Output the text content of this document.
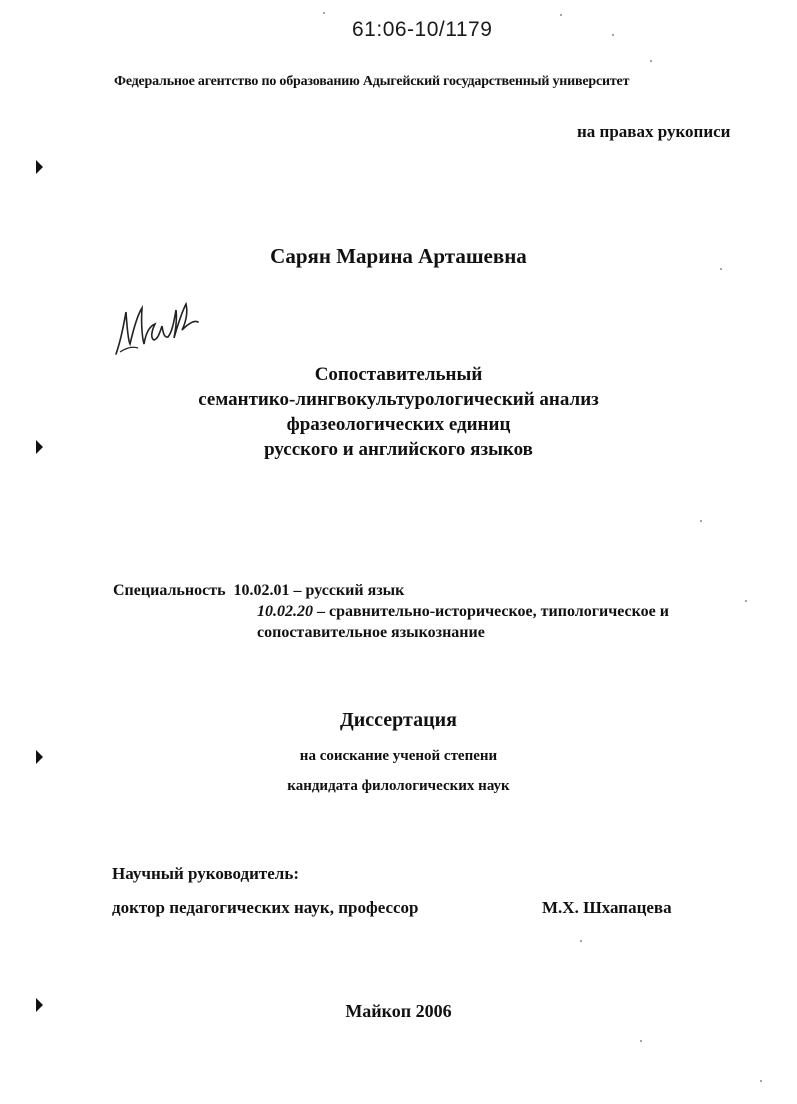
61:06-10/1179
Федеральное агентство по образованию Адыгейский государственный университет
на правах рукописи
Сарян Марина Арташевна
Сопоставительный
семантико-лингвокультурологический анализ
фразеологических единиц
русского и английского языков
Специальность 10.02.01 – русский язык
10.02.20 – сравнительно-историческое, типологическое и
сопоставительное языкознание
Диссертация
на соискание ученой степени
кандидата филологических наук
Научный руководитель:
доктор педагогических наук, профессор	М.Х. Шхапацева
Майкоп 2006
